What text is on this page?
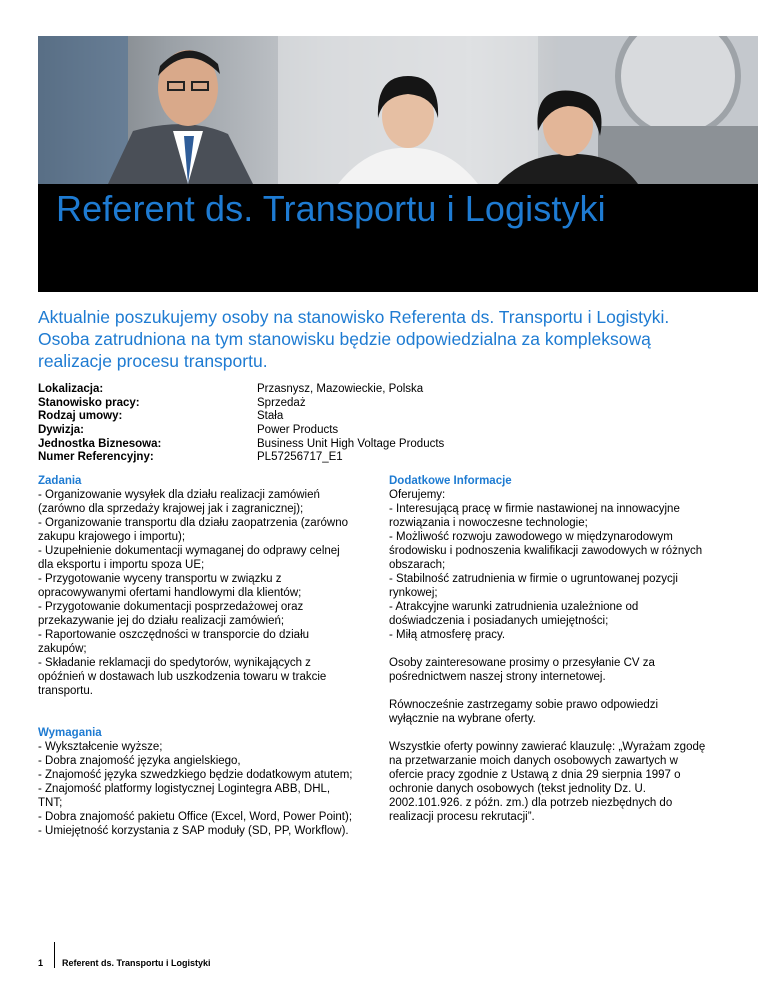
Referent ds. Transportu i Logistyki
Aktualnie poszukujemy osoby na stanowisko Referenta ds. Transportu i Logistyki. Osoba zatrudniona na tym stanowisku będzie odpowiedzialna za kompleksową realizacje procesu transportu.
Lokalizacja:	Przasnysz, Mazowieckie, Polska
Stanowisko pracy:	Sprzedaż
Rodzaj umowy:	Stała
Dywizja:	Power Products
Jednostka Biznesowa:	Business Unit High Voltage Products
Numer Referencyjny:	PL57256717_E1
Zadania
- Organizowanie wysyłek dla działu realizacji zamówień
(zarówno dla sprzedaży krajowej jak i zagranicznej);
- Organizowanie transportu dla działu zaopatrzenia (zarówno
zakupu krajowego i importu);
- Uzupełnienie dokumentacji wymaganej do odprawy celnej
dla eksportu i importu spoza UE;
- Przygotowanie wyceny transportu w związku z
opracowywanymi ofertami handlowymi dla klientów;
- Przygotowanie dokumentacji posprzedażowej oraz
przekazywanie jej do działu realizacji zamówień;
- Raportowanie oszczędności w transporcie do działu
zakupów;
- Składanie reklamacji do spedytorów, wynikających z
opóźnień w dostawach lub uszkodzenia towaru w trakcie
transportu.
Wymagania
- Wykształcenie wyższe;
- Dobra znajomość języka angielskiego,
- Znajomość języka szwedzkiego będzie dodatkowym atutem;
- Znajomość platformy logistycznej Logintegra ABB, DHL,
TNT;
- Dobra znajomość pakietu Office (Excel, Word, Power Point);
- Umiejętność korzystania z SAP moduły (SD, PP, Workflow).
Dodatkowe Informacje
Oferujemy:
- Interesującą pracę w firmie nastawionej na innowacyjne
rozwiązania i nowoczesne technologie;
- Możliwość rozwoju zawodowego w międzynarodowym
środowisku i podnoszenia kwalifikacji zawodowych w różnych
obszarach;
- Stabilność zatrudnienia w firmie o ugruntowanej pozycji
rynkowej;
- Atrakcyjne warunki zatrudnienia uzależnione od
doświadczenia i posiadanych umiejętności;
- Miłą atmosferę pracy.
Osoby zainteresowane prosimy o przesyłanie CV za
pośrednictwem naszej strony internetowej.
Równocześnie zastrzegamy sobie prawo odpowiedzi
wyłącznie na wybrane oferty.
Wszystkie oferty powinny zawierać klauzulę: „Wyrażam zgodę
na przetwarzanie moich danych osobowych zawartych w
ofercie pracy zgodnie z Ustawą z dnia 29 sierpnia 1997 o
ochronie danych osobowych (tekst jednolity Dz. U.
2002.101.926. z późn. zm.) dla potrzeb niezbędnych do
realizacji procesu rekrutacji”.
1	Referent ds. Transportu i Logistyki
